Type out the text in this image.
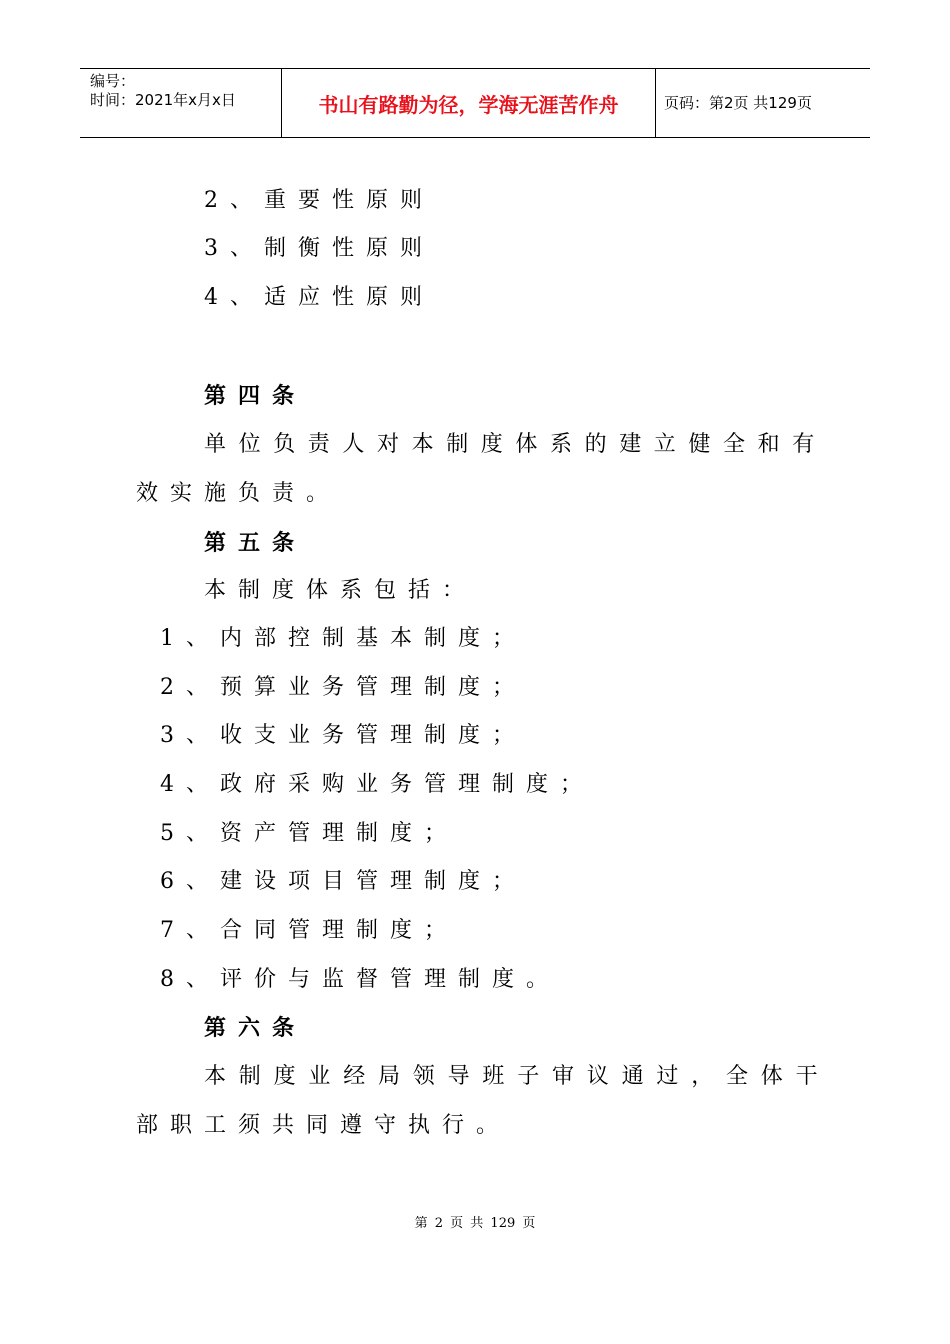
编号：
时间：2021年x月x日	书山有路勤为径，学海无涯苦作舟	页码：第2页 共129页
2、重要性原则
3、制衡性原则
4、适应性原则
第四条
单位负责人对本制度体系的建立健全和有
效实施负责。
第五条
本制度体系包括：
1、内部控制基本制度；
2、预算业务管理制度；
3、收支业务管理制度；
4、政府采购业务管理制度；
5、资产管理制度；
6、建设项目管理制度；
7、合同管理制度；
8、评价与监督管理制度。
第六条
本制度业经局领导班子审议通过，全体干
部职工须共同遵守执行。
第 2 页 共 129 页
